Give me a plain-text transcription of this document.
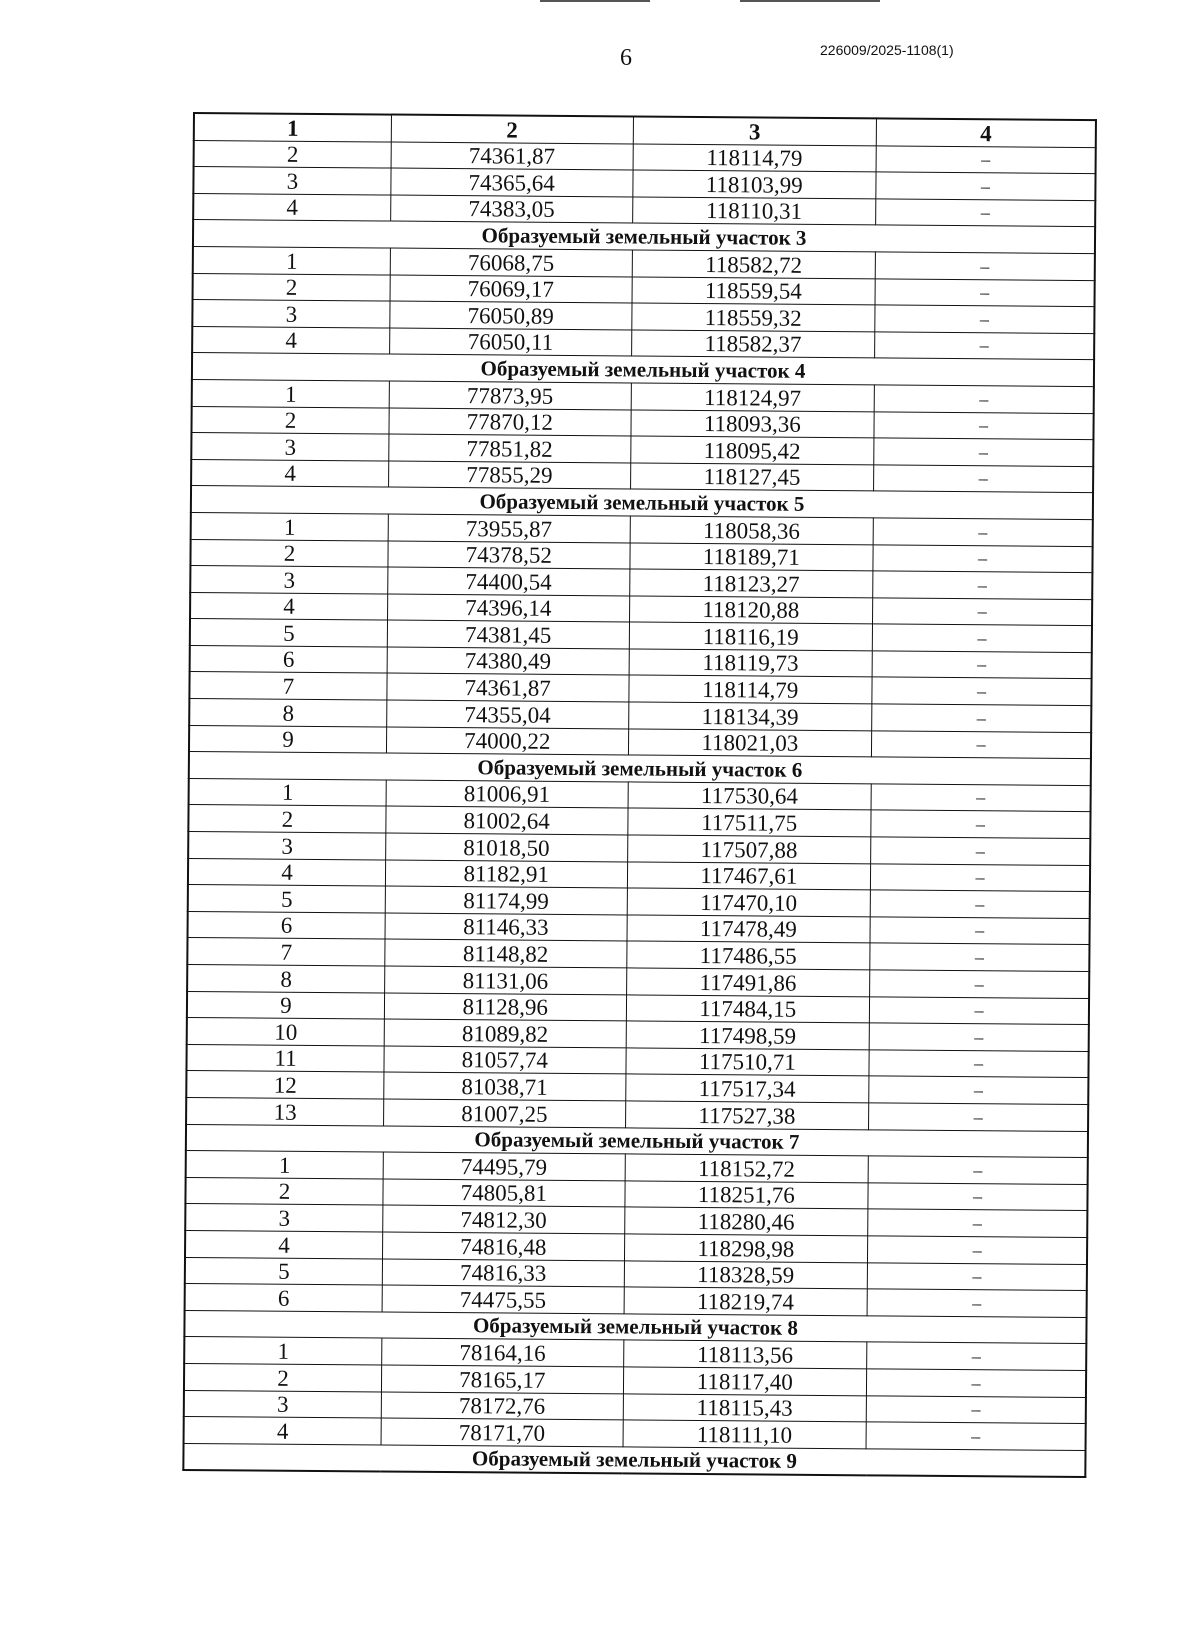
6	226009/2025-1108(1)
1	2	3	4
2	74361,87	118114,79	–
3	74365,64	118103,99	–
4	74383,05	118110,31	–
Образуемый земельный участок 3			
1	76068,75	118582,72	–
2	76069,17	118559,54	–
3	76050,89	118559,32	–
4	76050,11	118582,37	–
Образуемый земельный участок 4			
1	77873,95	118124,97	–
2	77870,12	118093,36	–
3	77851,82	118095,42	–
4	77855,29	118127,45	–
Образуемый земельный участок 5			
1	73955,87	118058,36	–
2	74378,52	118189,71	–
3	74400,54	118123,27	–
4	74396,14	118120,88	–
5	74381,45	118116,19	–
6	74380,49	118119,73	–
7	74361,87	118114,79	–
8	74355,04	118134,39	–
9	74000,22	118021,03	–
Образуемый земельный участок 6			
1	81006,91	117530,64	–
2	81002,64	117511,75	–
3	81018,50	117507,88	–
4	81182,91	117467,61	–
5	81174,99	117470,10	–
6	81146,33	117478,49	–
7	81148,82	117486,55	–
8	81131,06	117491,86	–
9	81128,96	117484,15	–
10	81089,82	117498,59	–
11	81057,74	117510,71	–
12	81038,71	117517,34	–
13	81007,25	117527,38	–
Образуемый земельный участок 7			
1	74495,79	118152,72	–
2	74805,81	118251,76	–
3	74812,30	118280,46	–
4	74816,48	118298,98	–
5	74816,33	118328,59	–
6	74475,55	118219,74	–
Образуемый земельный участок 8			
1	78164,16	118113,56	–
2	78165,17	118117,40	–
3	78172,76	118115,43	–
4	78171,70	118111,10	–
Образуемый земельный участок 9			
